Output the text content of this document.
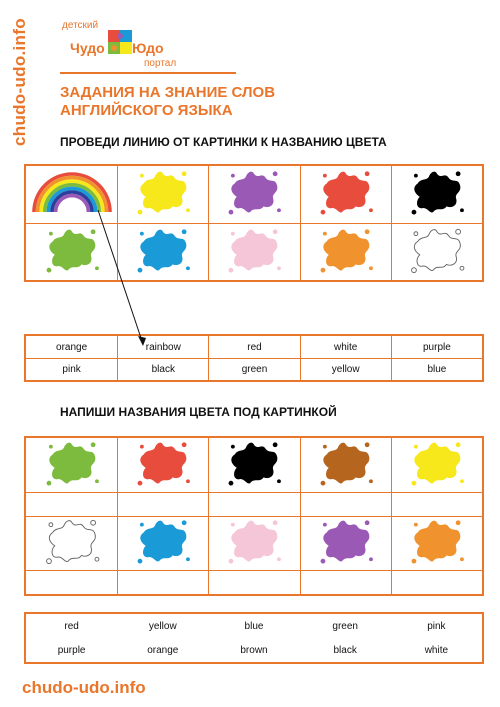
chudo-udo.info	детский
Чудо Юдо
портал
ЗАДАНИЯ НА ЗНАНИЕ СЛОВ
АНГЛИЙСКОГО ЯЗЫКА
ПРОВЕДИ ЛИНИЮ ОТ КАРТИНКИ К НАЗВАНИЮ ЦВЕТА
orange	rainbow	red	white	purple
pink	black	green	yellow	blue
НАПИШИ НАЗВАНИЯ ЦВЕТА ПОД КАРТИНКОЙ
red	yellow	blue	green	pink
purple	orange	brown	black	white
chudo-udo.info
